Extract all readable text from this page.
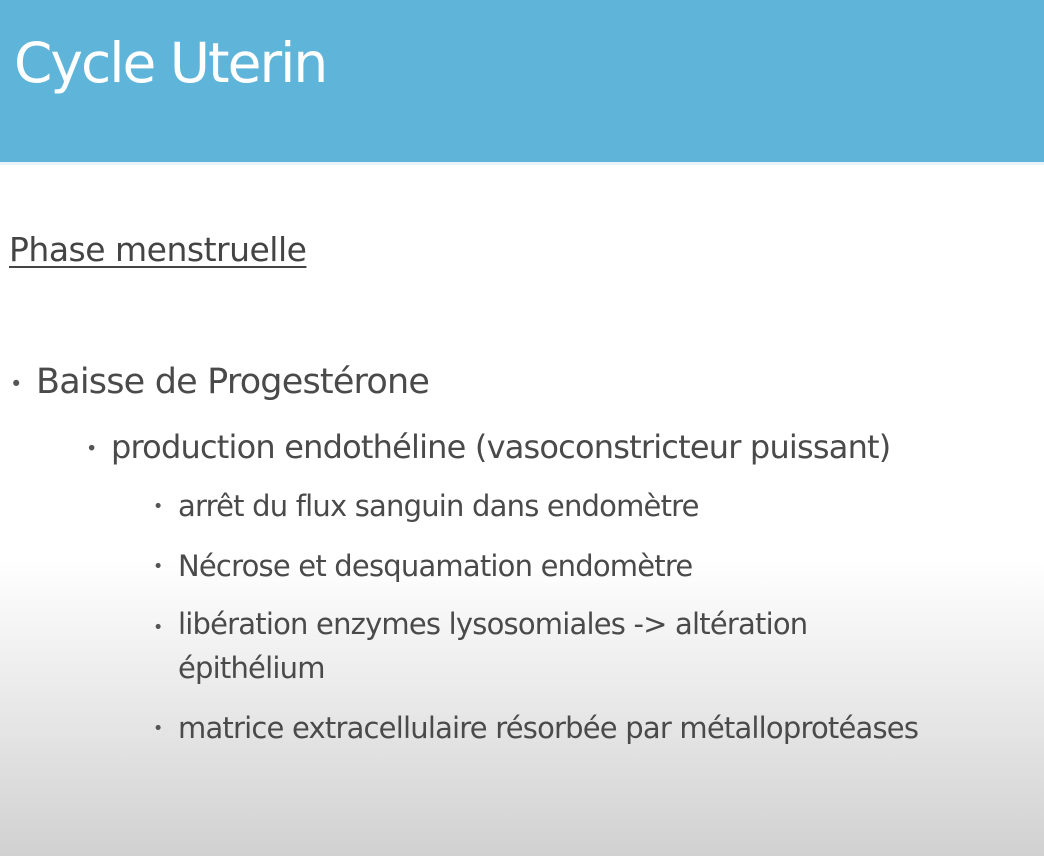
Cycle Uterin
Phase menstruelle
• Baisse de Progestérone
• production endothéline (vasoconstricteur puissant)
• arrêt du flux sanguin dans endomètre
• Nécrose et desquamation endomètre
• libération enzymes lysosomiales -> altération
épithélium
• matrice extracellulaire résorbée par métalloprotéases
